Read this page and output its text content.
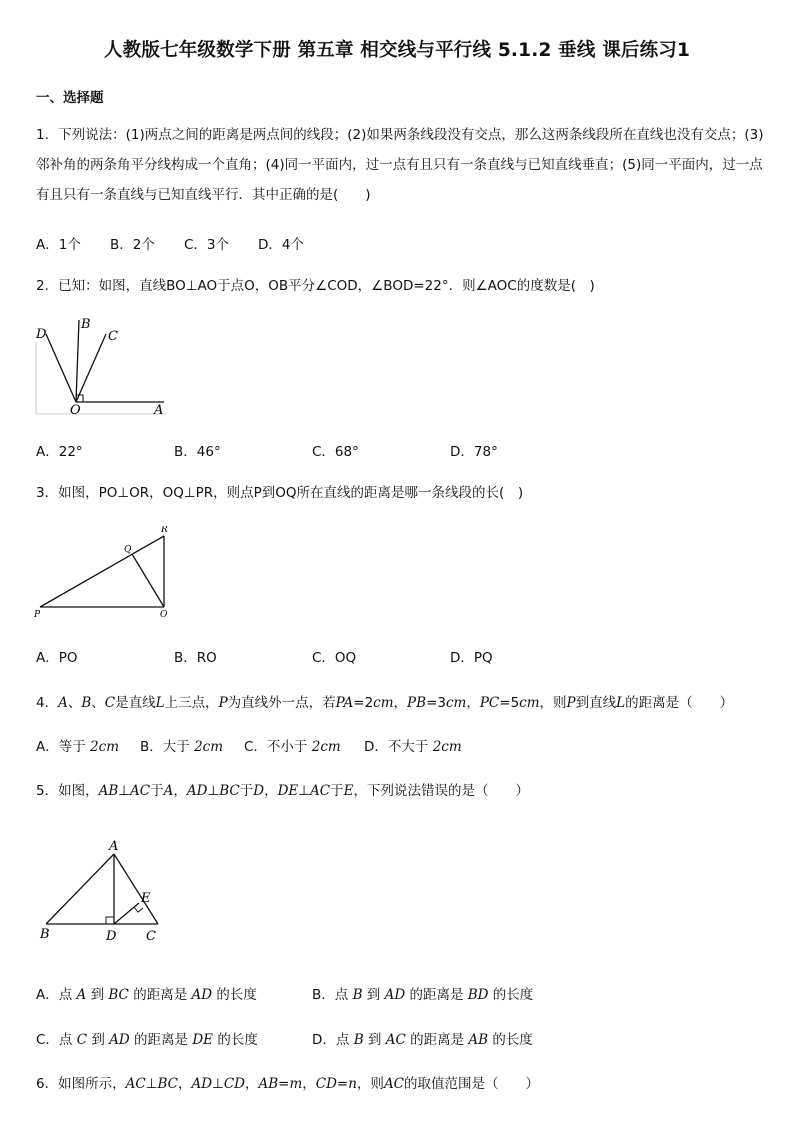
人教版七年级数学下册 第五章 相交线与平行线 5.1.2 垂线 课后练习1
一、选择题
1．下列说法：(1)两点之间的距离是两点间的线段；(2)如果两条线段没有交点，那么这两条线段所在直线也没有交点；(3)邻补角的两条角平分线构成一个直角；(4)同一平面内，过一点有且只有一条直线与已知直线垂直；(5)同一平面内，过一点有且只有一条直线与已知直线平行．其中正确的是(　　)
A．1个 B．2个 C．3个 D．4个
2．已知：如图，直线BO⊥AO于点O，OB平分∠COD，∠BOD=22°．则∠AOC的度数是(　)
D
B
C
O	A
A．22°	B．46°	C．68°	D．78°
3．如图，PO⊥OR，OQ⊥PR，则点P到OQ所在直线的距离是哪一条线段的长(　)
R
Q
P	O
A．PO	B．RO	C．OQ	D．PQ
4．A、B、C是直线L上三点，P为直线外一点，若PA=2cm，PB=3cm，PC=5cm，则P到直线L的距离是（　　）
A．等于 2cm B．大于 2cm C．不小于 2cm D．不大于 2cm
5．如图，AB⊥AC于A，AD⊥BC于D，DE⊥AC于E，下列说法错误的是（　　）
A
E
B	D C
A．点 A 到 BC 的距离是 AD 的长度	B．点 B 到 AD 的距离是 BD 的长度
C．点 C 到 AD 的距离是 DE 的长度	D．点 B 到 AC 的距离是 AB 的长度
6．如图所示，AC⊥BC，AD⊥CD，AB=m，CD=n，则AC的取值范围是（　　）
